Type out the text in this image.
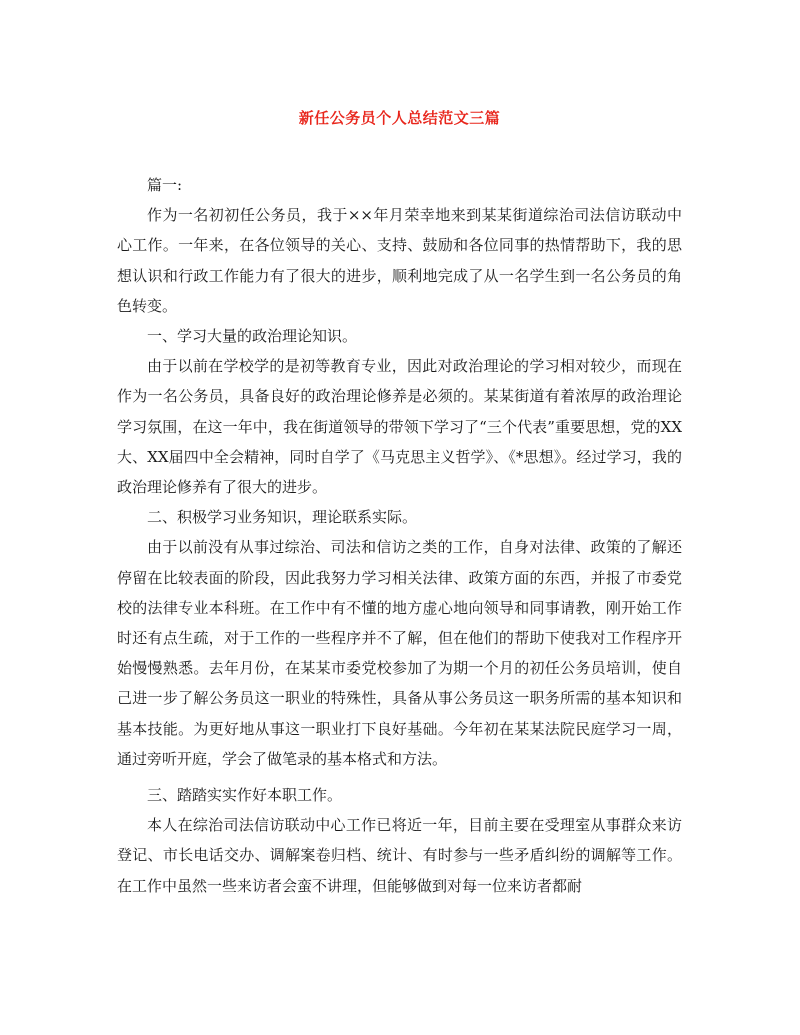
新任公务员个人总结范文三篇

篇一:

作为一名初初任公务员，我于××年月荣幸地来到某某街道综治司法信访联动中心工作。一年来，在各位领导的关心、支持、鼓励和各位同事的热情帮助下，我的思想认识和行政工作能力有了很大的进步，顺利地完成了从一名学生到一名公务员的角色转变。

一、学习大量的政治理论知识。

由于以前在学校学的是初等教育专业，因此对政治理论的学习相对较少，而现在作为一名公务员，具备良好的政治理论修养是必须的。某某街道有着浓厚的政治理论学习氛围，在这一年中，我在街道领导的带领下学习了“三个代表”重要思想，党的XX大、XX届四中全会精神，同时自学了《马克思主义哲学》、《*思想》。经过学习，我的政治理论修养有了很大的进步。

二、积极学习业务知识，理论联系实际。

由于以前没有从事过综治、司法和信访之类的工作，自身对法律、政策的了解还停留在比较表面的阶段，因此我努力学习相关法律、政策方面的东西，并报了市委党校的法律专业本科班。在工作中有不懂的地方虚心地向领导和同事请教，刚开始工作时还有点生疏，对于工作的一些程序并不了解，但在他们的帮助下使我对工作程序开始慢慢熟悉。去年月份，在某某市委党校参加了为期一个月的初任公务员培训，使自己进一步了解公务员这一职业的特殊性，具备从事公务员这一职务所需的基本知识和基本技能。为更好地从事这一职业打下良好基础。今年初在某某法院民庭学习一周，通过旁听开庭，学会了做笔录的基本格式和方法。

三、踏踏实实作好本职工作。

本人在综治司法信访联动中心工作已将近一年，目前主要在受理室从事群众来访登记、市长电话交办、调解案卷归档、统计、有时参与一些矛盾纠纷的调解等工作。在工作中虽然一些来访者会蛮不讲理，但能够做到对每一位来访者都耐
